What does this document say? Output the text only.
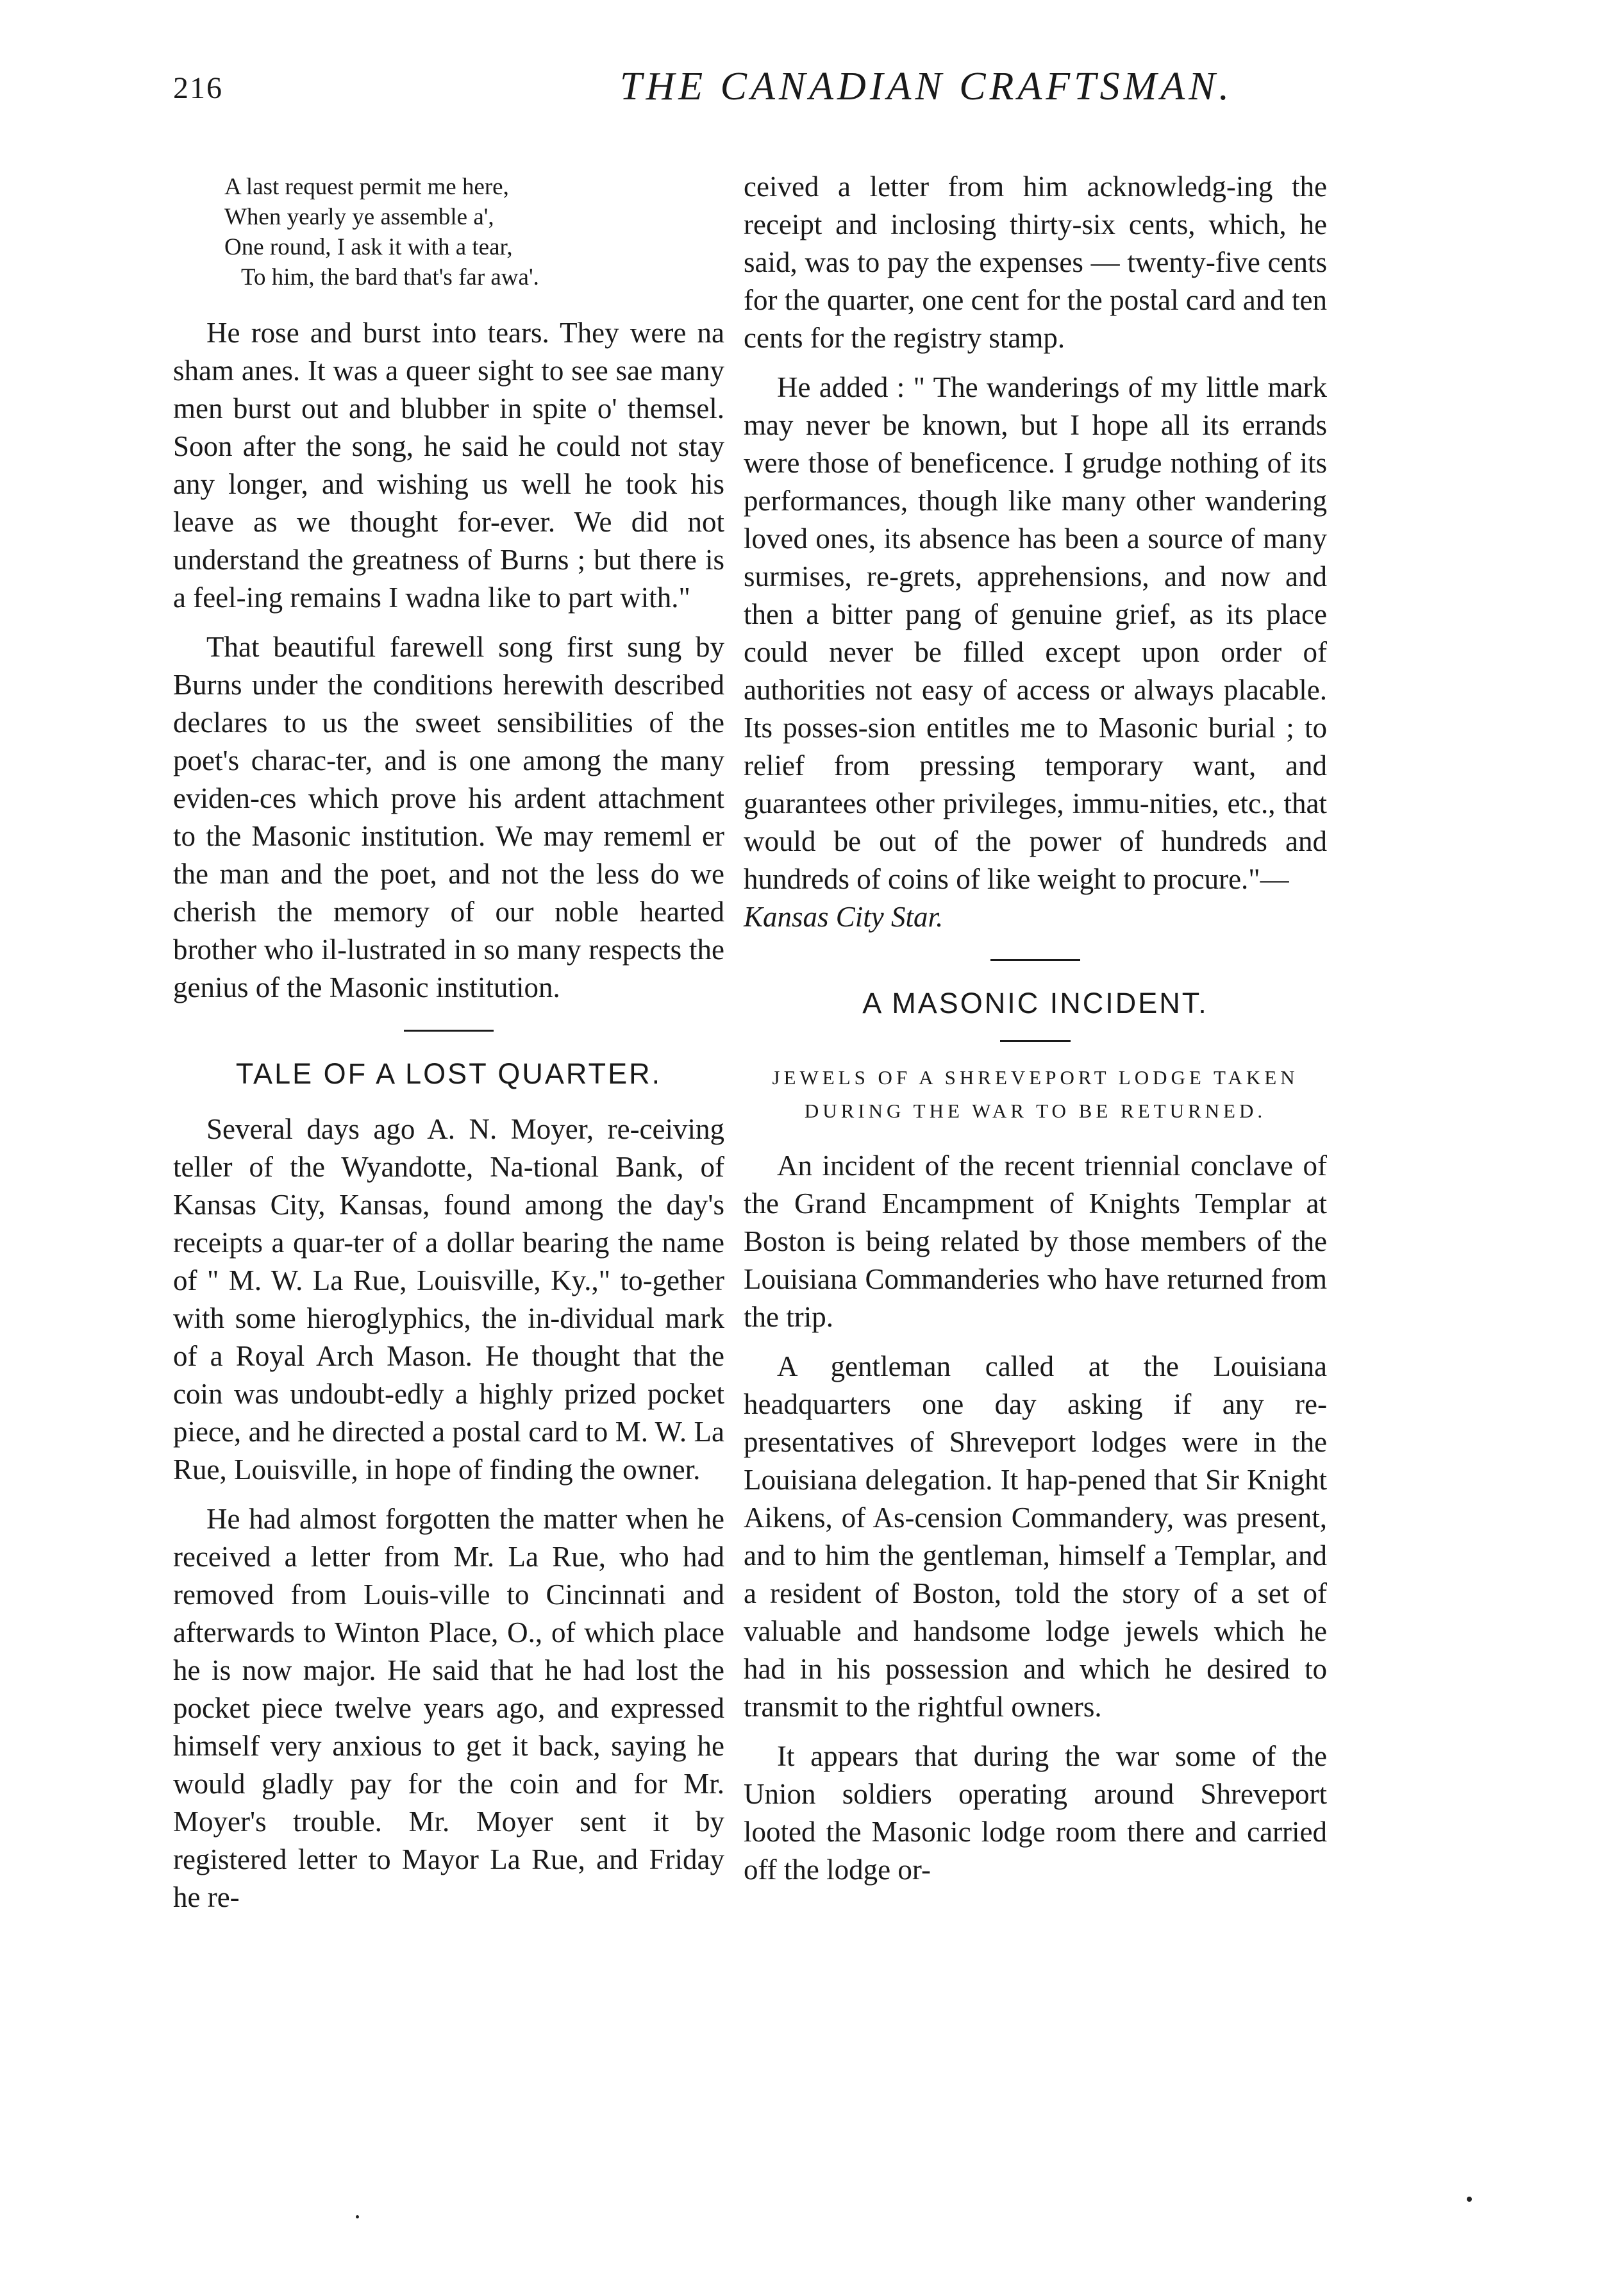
216	THE CANADIAN CRAFTSMAN.
A last request permit me here,
When yearly ye assemble a',
One round, I ask it with a tear,
To him, the bard that's far awa'.

He rose and burst into tears. They were na sham anes. It was a queer sight to see sae many men burst out and blubber in spite o' themsel. Soon after the song, he said he could not stay any longer, and wishing us well he took his leave as we thought for-ever. We did not understand the greatness of Burns ; but there is a feel-ing remains I wadna like to part with."

That beautiful farewell song first sung by Burns under the conditions herewith described declares to us the sweet sensibilities of the poet's charac-ter, and is one among the many eviden-ces which prove his ardent attachment to the Masonic institution. We may rememl er the man and the poet, and not the less do we cherish the memory of our noble hearted brother who il-lustrated in so many respects the genius of the Masonic institution.

TALE OF A LOST QUARTER.

Several days ago A. N. Moyer, re-ceiving teller of the Wyandotte, Na-tional Bank, of Kansas City, Kansas, found among the day's receipts a quar-ter of a dollar bearing the name of " M. W. La Rue, Louisville, Ky.," to-gether with some hieroglyphics, the in-dividual mark of a Royal Arch Mason. He thought that the coin was undoubt-edly a highly prized pocket piece, and he directed a postal card to M. W. La Rue, Louisville, in hope of finding the owner.

He had almost forgotten the matter when he received a letter from Mr. La Rue, who had removed from Louis-ville to Cincinnati and afterwards to Winton Place, O., of which place he is now major. He said that he had lost the pocket piece twelve years ago, and expressed himself very anxious to get it back, saying he would gladly pay for the coin and for Mr. Moyer's trouble. Mr. Moyer sent it by registered letter to Mayor La Rue, and Friday he re-

ceived a letter from him acknowledg-ing the receipt and inclosing thirty-six cents, which, he said, was to pay the expenses — twenty-five cents for the quarter, one cent for the postal card and ten cents for the registry stamp.

He added : " The wanderings of my little mark may never be known, but I hope all its errands were those of beneficence. I grudge nothing of its performances, though like many other wandering loved ones, its absence has been a source of many surmises, re-grets, apprehensions, and now and then a bitter pang of genuine grief, as its place could never be filled except upon order of authorities not easy of access or always placable. Its posses-sion entitles me to Masonic burial ; to relief from pressing temporary want, and guarantees other privileges, immu-nities, etc., that would be out of the power of hundreds and hundreds of coins of like weight to procure."—

Kansas City Star.

A MASONIC INCIDENT.
JEWELS OF A SHREVEPORT LODGE TAKEN DURING THE WAR TO BE RETURNED.

An incident of the recent triennial conclave of the Grand Encampment of Knights Templar at Boston is being related by those members of the Louisiana Commanderies who have returned from the trip.

A gentleman called at the Louisiana headquarters one day asking if any re-presentatives of Shreveport lodges were in the Louisiana delegation. It hap-pened that Sir Knight Aikens, of As-cension Commandery, was present, and to him the gentleman, himself a Templar, and a resident of Boston, told the story of a set of valuable and handsome lodge jewels which he had in his possession and which he desired to transmit to the rightful owners.

It appears that during the war some of the Union soldiers operating around Shreveport looted the Masonic lodge room there and carried off the lodge or-
